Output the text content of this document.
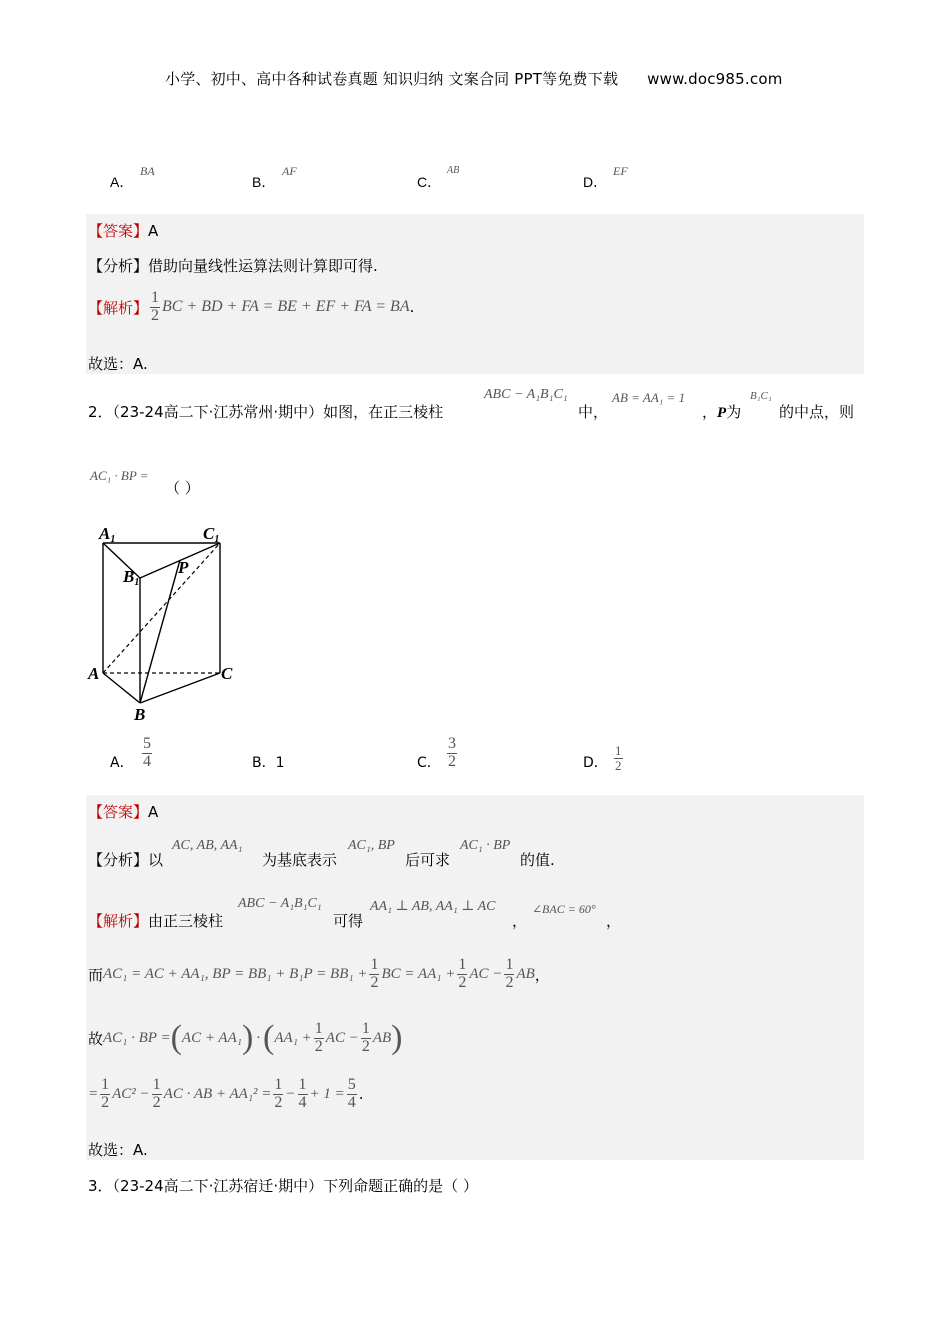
小学、初中、高中各种试卷真题 知识归纳 文案合同 PPT等免费下载 www.doc985.com
A．
BA
B．
AF
C．
AB
D．
EF
【答案】A
【分析】借助向量线性运算法则计算即可得.
【解析】 $\frac{1}{2}$ BC + BD + FA = BE + EF + FA = BA .
故选：A.
2．（23-24高二下·江苏常州·期中）如图，在正三棱柱
ABC − A₁B₁C₁
中，
AB = AA₁ = 1
，P为
B₁C₁
的中点，则
AC₁ · BP =
（ ）
A1	C1
B1
P
A	C
B
A． $\frac{5}{4}$	B．1	C． $\frac{3}{2}$	D． $\frac{1}{2}$
【答案】A
【分析】以
AC, AB, AA₁
为基底表示
AC₁, BP
后可求
AC₁ · BP
的值.
【解析】由正三棱柱
ABC − A₁B₁C₁
可得
AA₁ ⊥ AB, AA₁ ⊥ AC
，
∠BAC = 60°
，
而 AC₁ = AC + AA₁, BP = $BB_1 + B_1P = BB_1 + \frac{1}{2}$ BC = $AA_1 + \frac{1}{2}$ AC − $\frac{1}{2}$ AB ，
故 AC₁ · BP = ( AC + AA₁ ) · ( $AA_1 + \frac{1}{2}$ AC − $\frac{1}{2}$ AB )
= $\frac{1}{2} AC^2 - \frac{1}{2}$ AC · AB + $AA_1^2 = \frac{1}{2} - \frac{1}{4} + 1 = \frac{5}{4}$ .
故选：A.
3．（23-24高二下·江苏宿迁·期中）下列命题正确的是（ ）
